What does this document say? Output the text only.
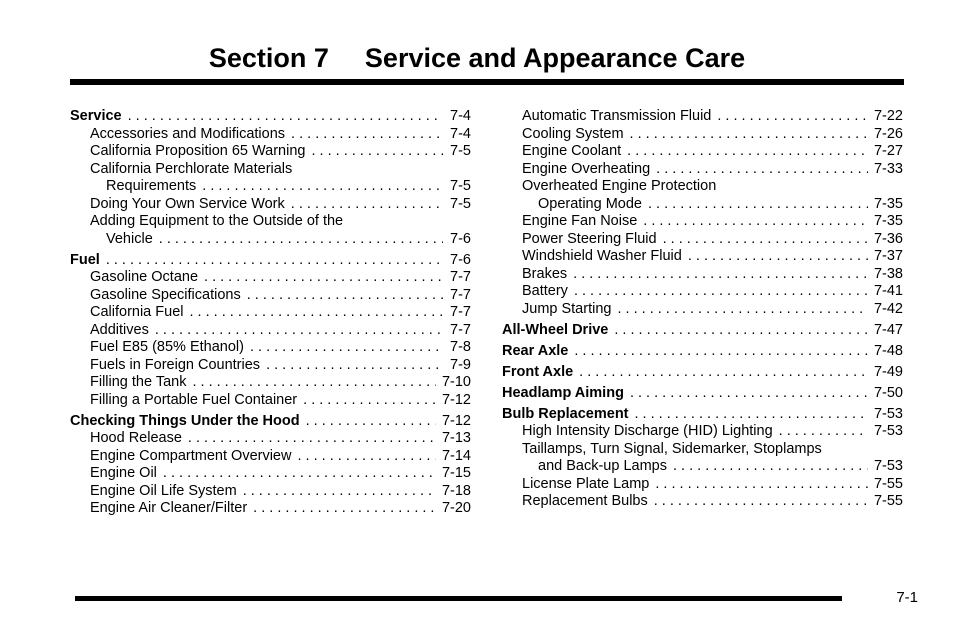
Section 7 Service and Appearance Care
Service . . .	7-4
Accessories and Modifications . . .	7-4
California Proposition 65 Warning . . .	7-5
California Perchlorate Materials
Requirements . . .	7-5
Doing Your Own Service Work . . .	7-5
Adding Equipment to the Outside of the
Vehicle . . .	7-6
Fuel . . .	7-6
Gasoline Octane . . .	7-7
Gasoline Specifications . . .	7-7
California Fuel . . .	7-7
Additives . . .	7-7
Fuel E85 (85% Ethanol) . . .	7-8
Fuels in Foreign Countries . . .	7-9
Filling the Tank . . .	7-10
Filling a Portable Fuel Container . . .	7-12
Checking Things Under the Hood . . .	7-12
Hood Release . . .	7-13
Engine Compartment Overview . . .	7-14
Engine Oil . . .	7-15
Engine Oil Life System . . .	7-18
Engine Air Cleaner/Filter . . .	7-20
Automatic Transmission Fluid . . .	7-22
Cooling System . . .	7-26
Engine Coolant . . .	7-27
Engine Overheating . . .	7-33
Overheated Engine Protection
Operating Mode . . .	7-35
Engine Fan Noise . . .	7-35
Power Steering Fluid . . .	7-36
Windshield Washer Fluid . . .	7-37
Brakes . . .	7-38
Battery . . .	7-41
Jump Starting . . .	7-42
All-Wheel Drive . . .	7-47
Rear Axle . . .	7-48
Front Axle . . .	7-49
Headlamp Aiming . . .	7-50
Bulb Replacement . . .	7-53
High Intensity Discharge (HID) Lighting . . .	7-53
Taillamps, Turn Signal, Sidemarker, Stoplamps
and Back-up Lamps . . .	7-53
License Plate Lamp . . .	7-55
Replacement Bulbs . . .	7-55
7-1
